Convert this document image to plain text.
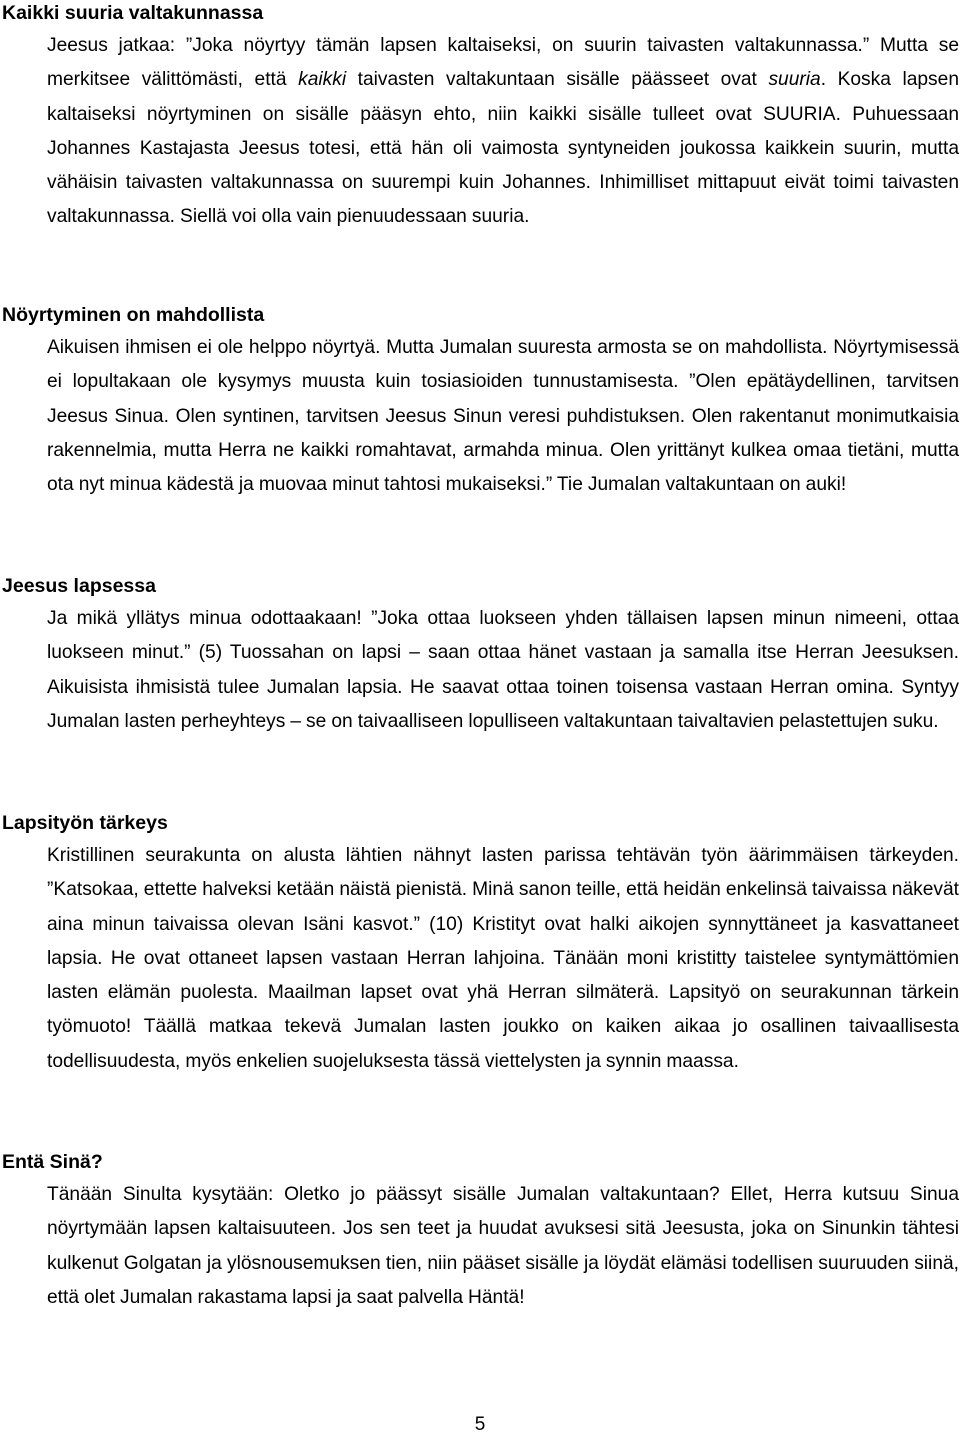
Kaikki suuria valtakunnassa

Jeesus jatkaa: ”Joka nöyrtyy tämän lapsen kaltaiseksi, on suurin taivasten valtakunnassa.” Mutta se merkitsee välittömästi, että kaikki taivasten valtakuntaan sisälle päässeet ovat suuria. Koska lapsen kaltaiseksi nöyrtyminen on sisälle pääsyn ehto, niin kaikki sisälle tulleet ovat SUURIA. Puhuessaan Johannes Kastajasta Jeesus totesi, että hän oli vaimosta syntyneiden joukossa kaikkein suurin, mutta vähäisin taivasten valtakunnassa on suurempi kuin Johannes. Inhimilliset mittapuut eivät toimi taivasten valtakunnassa. Siellä voi olla vain pienuudessaan suuria.

Nöyrtyminen on mahdollista

Aikuisen ihmisen ei ole helppo nöyrtyä. Mutta Jumalan suuresta armosta se on mahdollista. Nöyrtymisessä ei lopultakaan ole kysymys muusta kuin tosiasioiden tunnustamisesta. ”Olen epätäydellinen, tarvitsen Jeesus Sinua. Olen syntinen, tarvitsen Jeesus Sinun veresi puhdistuksen. Olen rakentanut monimutkaisia rakennelmia, mutta Herra ne kaikki romahtavat, armahda minua. Olen yrittänyt kulkea omaa tietäni, mutta ota nyt minua kädestä ja muovaa minut tahtosi mukaiseksi.” Tie Jumalan valtakuntaan on auki!

Jeesus lapsessa

Ja mikä yllätys minua odottaakaan! ”Joka ottaa luokseen yhden tällaisen lapsen minun nimeeni, ottaa luokseen minut.” (5) Tuossahan on lapsi – saan ottaa hänet vastaan ja samalla itse Herran Jeesuksen. Aikuisista ihmisistä tulee Jumalan lapsia. He saavat ottaa toinen toisensa vastaan Herran omina. Syntyy Jumalan lasten perheyhteys – se on taivaalliseen lopulliseen valtakuntaan taivaltavien pelastettujen suku.

Lapsityön tärkeys

Kristillinen seurakunta on alusta lähtien nähnyt lasten parissa tehtävän työn äärimmäisen tärkeyden. ”Katsokaa, ettette halveksi ketään näistä pienistä. Minä sanon teille, että heidän enkelinsä taivaissa näkevät aina minun taivaissa olevan Isäni kasvot.” (10) Kristityt ovat halki aikojen synnyttäneet ja kasvattaneet lapsia. He ovat ottaneet lapsen vastaan Herran lahjoina. Tänään moni kristitty taistelee syntymättömien lasten elämän puolesta. Maailman lapset ovat yhä Herran silmäterä. Lapsityö on seurakunnan tärkein työmuoto! Täällä matkaa tekevä Jumalan lasten joukko on kaiken aikaa jo osallinen taivaallisesta todellisuudesta, myös enkelien suojeluksesta tässä viettelysten ja synnin maassa.

Entä Sinä?

Tänään Sinulta kysytään: Oletko jo päässyt sisälle Jumalan valtakuntaan? Ellet, Herra kutsuu Sinua nöyrtymään lapsen kaltaisuuteen. Jos sen teet ja huudat avuksesi sitä Jeesusta, joka on Sinunkin tähtesi kulkenut Golgatan ja ylösnousemuksen tien, niin pääset sisälle ja löydät elämäsi todellisen suuruuden siinä, että olet Jumalan rakastama lapsi ja saat palvella Häntä!

5
